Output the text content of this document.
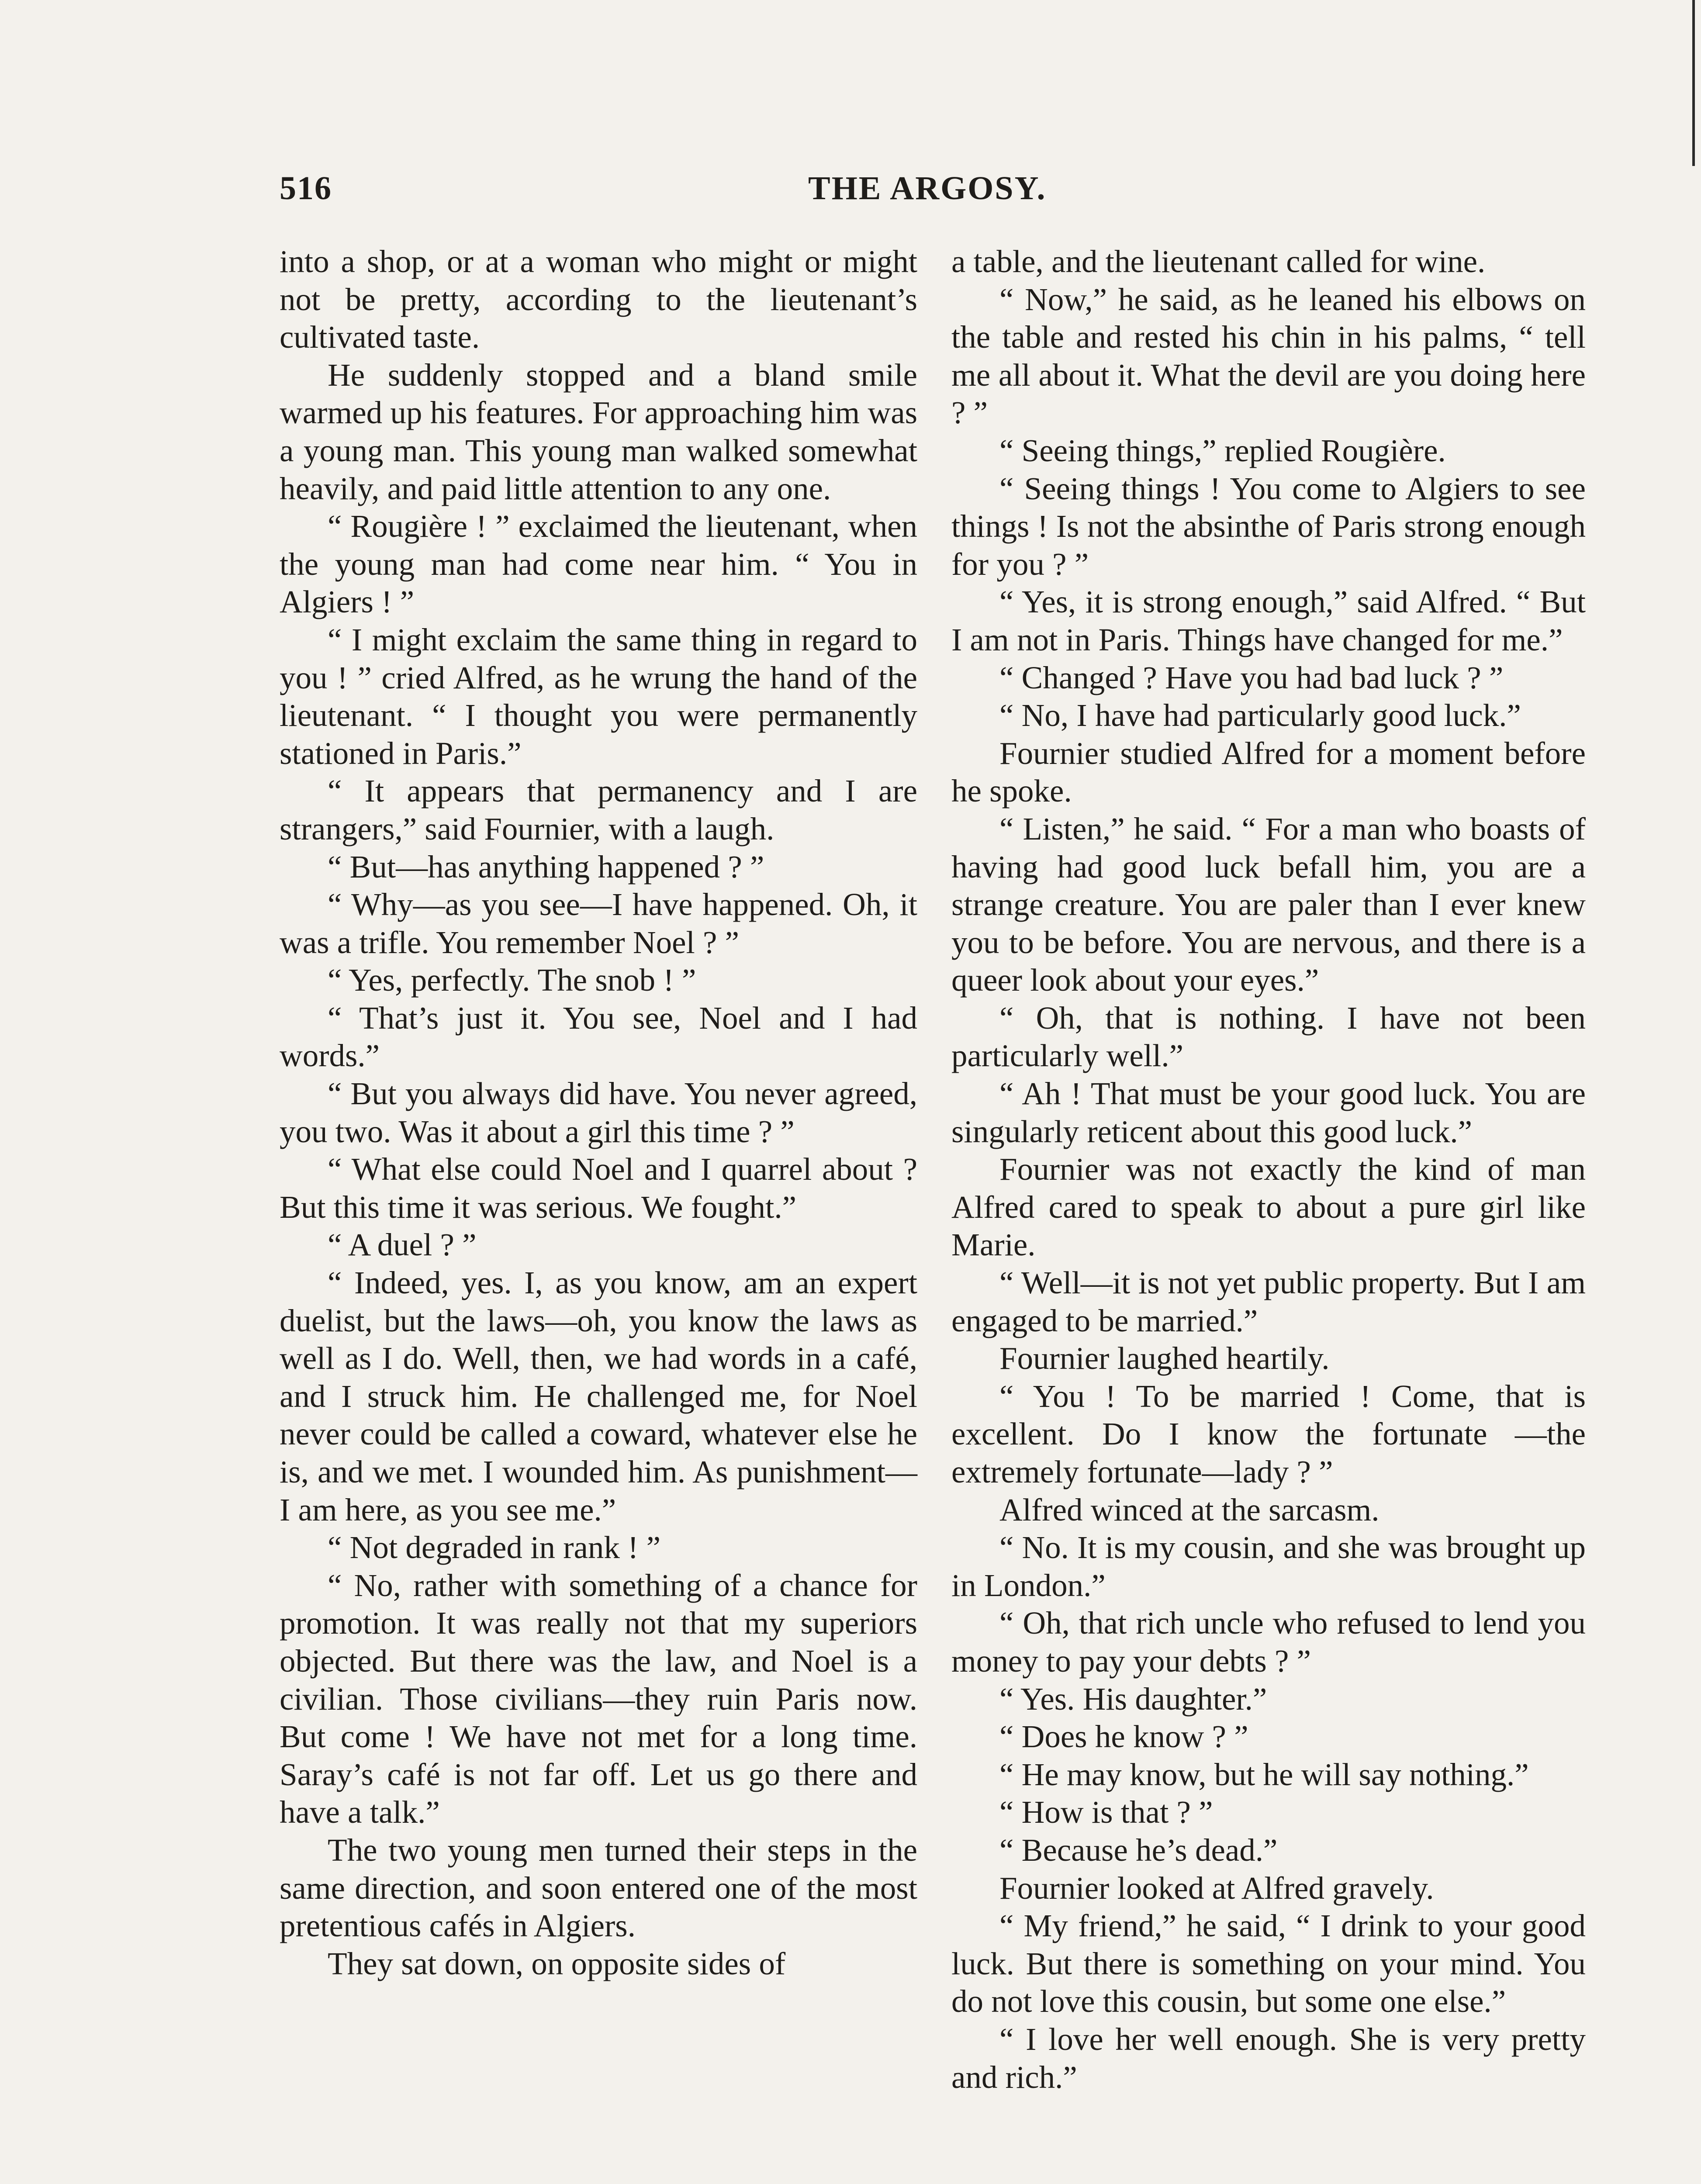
516	THE ARGOSY.

into a shop, or at a woman who might or might not be pretty, according to the lieutenant’s cultivated taste.

He suddenly stopped and a bland smile warmed up his features. For approaching him was a young man. This young man walked somewhat heavily, and paid little attention to any one.

“ Rougière ! ” exclaimed the lieutenant, when the young man had come near him. “ You in Algiers ! ”

“ I might exclaim the same thing in regard to you ! ” cried Alfred, as he wrung the hand of the lieutenant. “ I thought you were permanently stationed in Paris.”

“ It appears that permanency and I are strangers,” said Fournier, with a laugh.

“ But—has anything happened ? ”

“ Why—as you see—I have happened. Oh, it was a trifle. You remember Noel ? ”

“ Yes, perfectly. The snob ! ”

“ That’s just it. You see, Noel and I had words.”

“ But you always did have. You never agreed, you two. Was it about a girl this time ? ”

“ What else could Noel and I quarrel about ? But this time it was serious. We fought.”

“ A duel ? ”

“ Indeed, yes. I, as you know, am an expert duelist, but the laws—oh, you know the laws as well as I do. Well, then, we had words in a café, and I struck him. He challenged me, for Noel never could be called a coward, whatever else he is, and we met. I wounded him. As punishment—I am here, as you see me.”

“ Not degraded in rank ! ”

“ No, rather with something of a chance for promotion. It was really not that my superiors objected. But there was the law, and Noel is a civilian. Those civilians—they ruin Paris now. But come ! We have not met for a long time. Saray’s café is not far off. Let us go there and have a talk.”

The two young men turned their steps in the same direction, and soon entered one of the most pretentious cafés in Algiers.

They sat down, on opposite sides of

a table, and the lieutenant called for wine.

“ Now,” he said, as he leaned his elbows on the table and rested his chin in his palms, “ tell me all about it. What the devil are you doing here ? ”

“ Seeing things,” replied Rougière.

“ Seeing things ! You come to Algiers to see things ! Is not the absinthe of Paris strong enough for you ? ”

“ Yes, it is strong enough,” said Alfred. “ But I am not in Paris. Things have changed for me.”

“ Changed ? Have you had bad luck ? ”

“ No, I have had particularly good luck.”

Fournier studied Alfred for a moment before he spoke.

“ Listen,” he said. “ For a man who boasts of having had good luck befall him, you are a strange creature. You are paler than I ever knew you to be before. You are nervous, and there is a queer look about your eyes.”

“ Oh, that is nothing. I have not been particularly well.”

“ Ah ! That must be your good luck. You are singularly reticent about this good luck.”

Fournier was not exactly the kind of man Alfred cared to speak to about a pure girl like Marie.

“ Well—it is not yet public property. But I am engaged to be married.”

Fournier laughed heartily.

“ You ! To be married ! Come, that is excellent. Do I know the fortunate —the extremely fortunate—lady ? ”

Alfred winced at the sarcasm.

“ No. It is my cousin, and she was brought up in London.”

“ Oh, that rich uncle who refused to lend you money to pay your debts ? ”

“ Yes. His daughter.”

“ Does he know ? ”

“ He may know, but he will say nothing.”

“ How is that ? ”

“ Because he’s dead.”

Fournier looked at Alfred gravely.

“ My friend,” he said, “ I drink to your good luck. But there is something on your mind. You do not love this cousin, but some one else.”

“ I love her well enough. She is very pretty and rich.”
